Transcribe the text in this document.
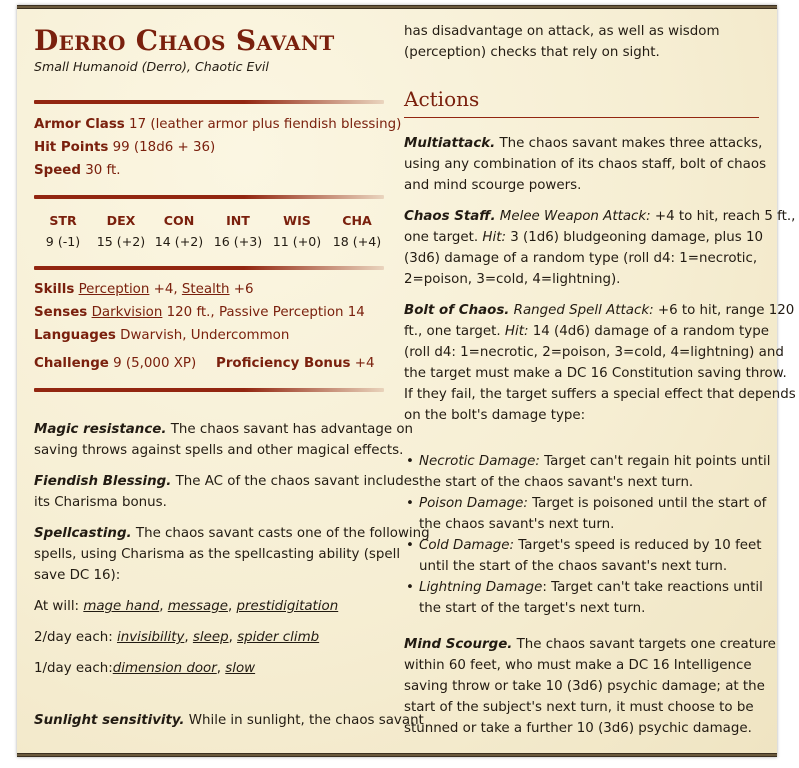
Derro Chaos Savant
Small Humanoid (Derro), Chaotic Evil
Armor Class 17 (leather armor plus fiendish blessing)
Hit Points 99 (18d6 + 36)
Speed 30 ft.
STR	DEX	CON	INT	WIS	CHA
9 (-1)	15 (+2) 14 (+2) 16 (+3) 11 (+0) 18 (+4)
Skills Perception +4, Stealth +6
Senses Darkvision 120 ft., Passive Perception 14
Languages Dwarvish, Undercommon
Challenge 9 (5,000 XP) Proficiency Bonus +4
Magic resistance. The chaos savant has advantage on
saving throws against spells and other magical effects.
Fiendish Blessing. The AC of the chaos savant includes
its Charisma bonus.
Spellcasting. The chaos savant casts one of the following
spells, using Charisma as the spellcasting ability (spell
save DC 16):
At will: mage hand, message, prestidigitation
2/day each: invisibility, sleep, spider climb
1/day each:dimension door, slow
Sunlight sensitivity. While in sunlight, the chaos savant
has disadvantage on attack, as well as wisdom
(perception) checks that rely on sight.
Actions
Multiattack. The chaos savant makes three attacks,
using any combination of its chaos staff, bolt of chaos
and mind scourge powers.
Chaos Staff. Melee Weapon Attack: +4 to hit, reach 5 ft.,
one target. Hit: 3 (1d6) bludgeoning damage, plus 10
(3d6) damage of a random type (roll d4: 1=necrotic,
2=poison, 3=cold, 4=lightning).
Bolt of Chaos. Ranged Spell Attack: +6 to hit, range 120
ft., one target. Hit: 14 (4d6) damage of a random type
(roll d4: 1=necrotic, 2=poison, 3=cold, 4=lightning) and
the target must make a DC 16 Constitution saving throw.
If they fail, the target suffers a special effect that depends
on the bolt's damage type:
• Necrotic Damage: Target can't regain hit points until
the start of the chaos savant's next turn.
• Poison Damage: Target is poisoned until the start of
the chaos savant's next turn.
• Cold Damage: Target's speed is reduced by 10 feet
until the start of the chaos savant's next turn.
• Lightning Damage: Target can't take reactions until
the start of the target's next turn.
Mind Scourge. The chaos savant targets one creature
within 60 feet, who must make a DC 16 Intelligence
saving throw or take 10 (3d6) psychic damage; at the
start of the subject's next turn, it must choose to be
stunned or take a further 10 (3d6) psychic damage.
